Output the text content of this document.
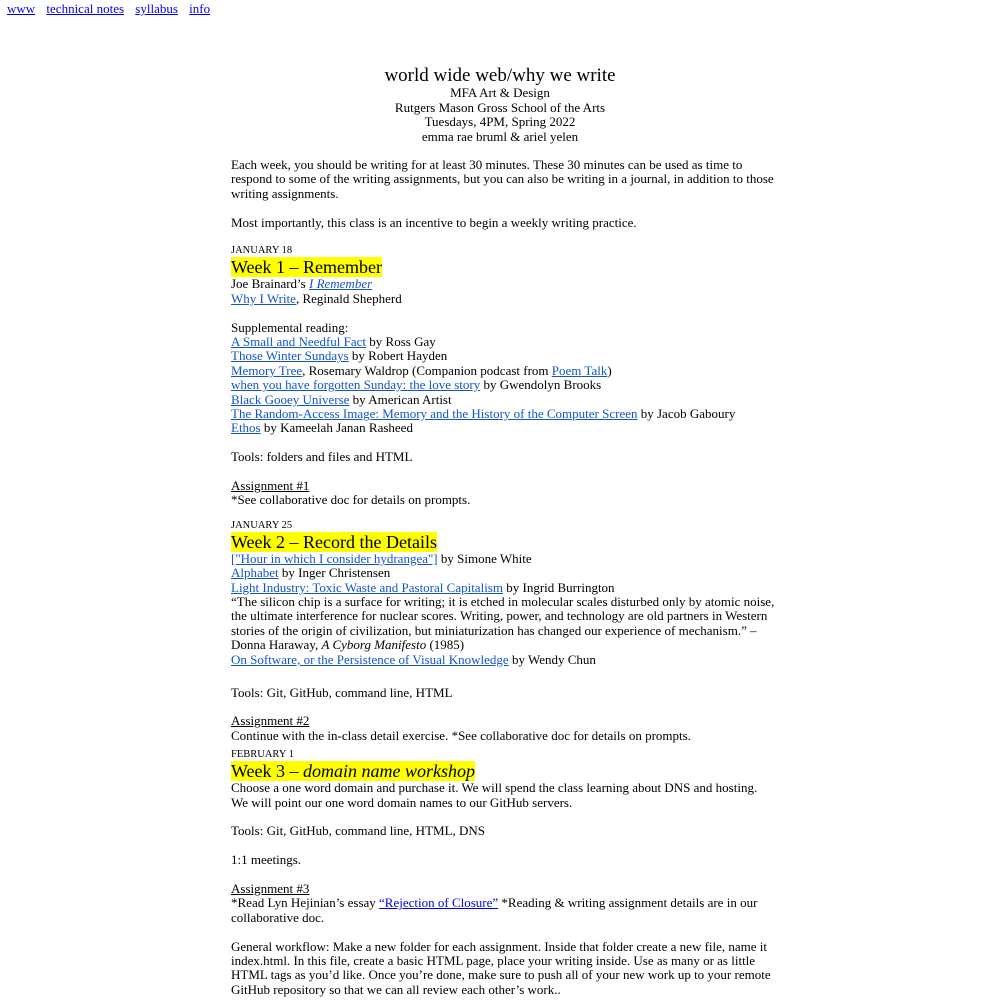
www technical notes syllabus info
world wide web/why we write
MFA Art & Design
Rutgers Mason Gross School of the Arts
Tuesdays, 4PM, Spring 2022
emma rae bruml & ariel yelen

Each week, you should be writing for at least 30 minutes. These 30 minutes can be used as time to respond to some of the writing assignments, but you can also be writing in a journal, in addition to those writing assignments.

Most importantly, this class is an incentive to begin a weekly writing practice.

JANUARY 18
Week 1 – Remember

Joe Brainard’s I Remember

Why I Write, Reginald Shepherd

Supplemental reading:

A Small and Needful Fact by Ross Gay

Those Winter Sundays by Robert Hayden

Memory Tree, Rosemary Waldrop (Companion podcast from Poem Talk)

when you have forgotten Sunday: the love story by Gwendolyn Brooks

Black Gooey Universe by American Artist

The Random-Access Image: Memory and the History of the Computer Screen by Jacob Gaboury

Ethos by Kameelah Janan Rasheed

Tools: folders and files and HTML

Assignment #1

*See collaborative doc for details on prompts.

JANUARY 25
Week 2 – Record the Details

["Hour in which I consider hydrangea"] by Simone White

Alphabet by Inger Christensen

Light Industry: Toxic Waste and Pastoral Capitalism by Ingrid Burrington

“The silicon chip is a surface for writing; it is etched in molecular scales disturbed only by atomic noise, the ultimate interference for nuclear scores. Writing, power, and technology are old partners in Western stories of the origin of civilization, but miniaturization has changed our experience of mechanism.” – Donna Haraway, A Cyborg Manifesto (1985)

On Software, or the Persistence of Visual Knowledge by Wendy Chun

Tools: Git, GitHub, command line, HTML

Assignment #2

Continue with the in-class detail exercise. *See collaborative doc for details on prompts.

FEBRUARY 1
Week 3 – domain name workshop

Choose a one word domain and purchase it. We will spend the class learning about DNS and hosting. We will point our one word domain names to our GitHub servers.

Tools: Git, GitHub, command line, HTML, DNS

1:1 meetings.

Assignment #3

*Read Lyn Hejinian’s essay “Rejection of Closure” *Reading & writing assignment details are in our collaborative doc.

General workflow: Make a new folder for each assignment. Inside that folder create a new file, name it index.html. In this file, create a basic HTML page, place your writing inside. Use as many or as little HTML tags as you’d like. Once you’re done, make sure to push all of your new work up to your remote GitHub repository so that we can all review each other’s work..
